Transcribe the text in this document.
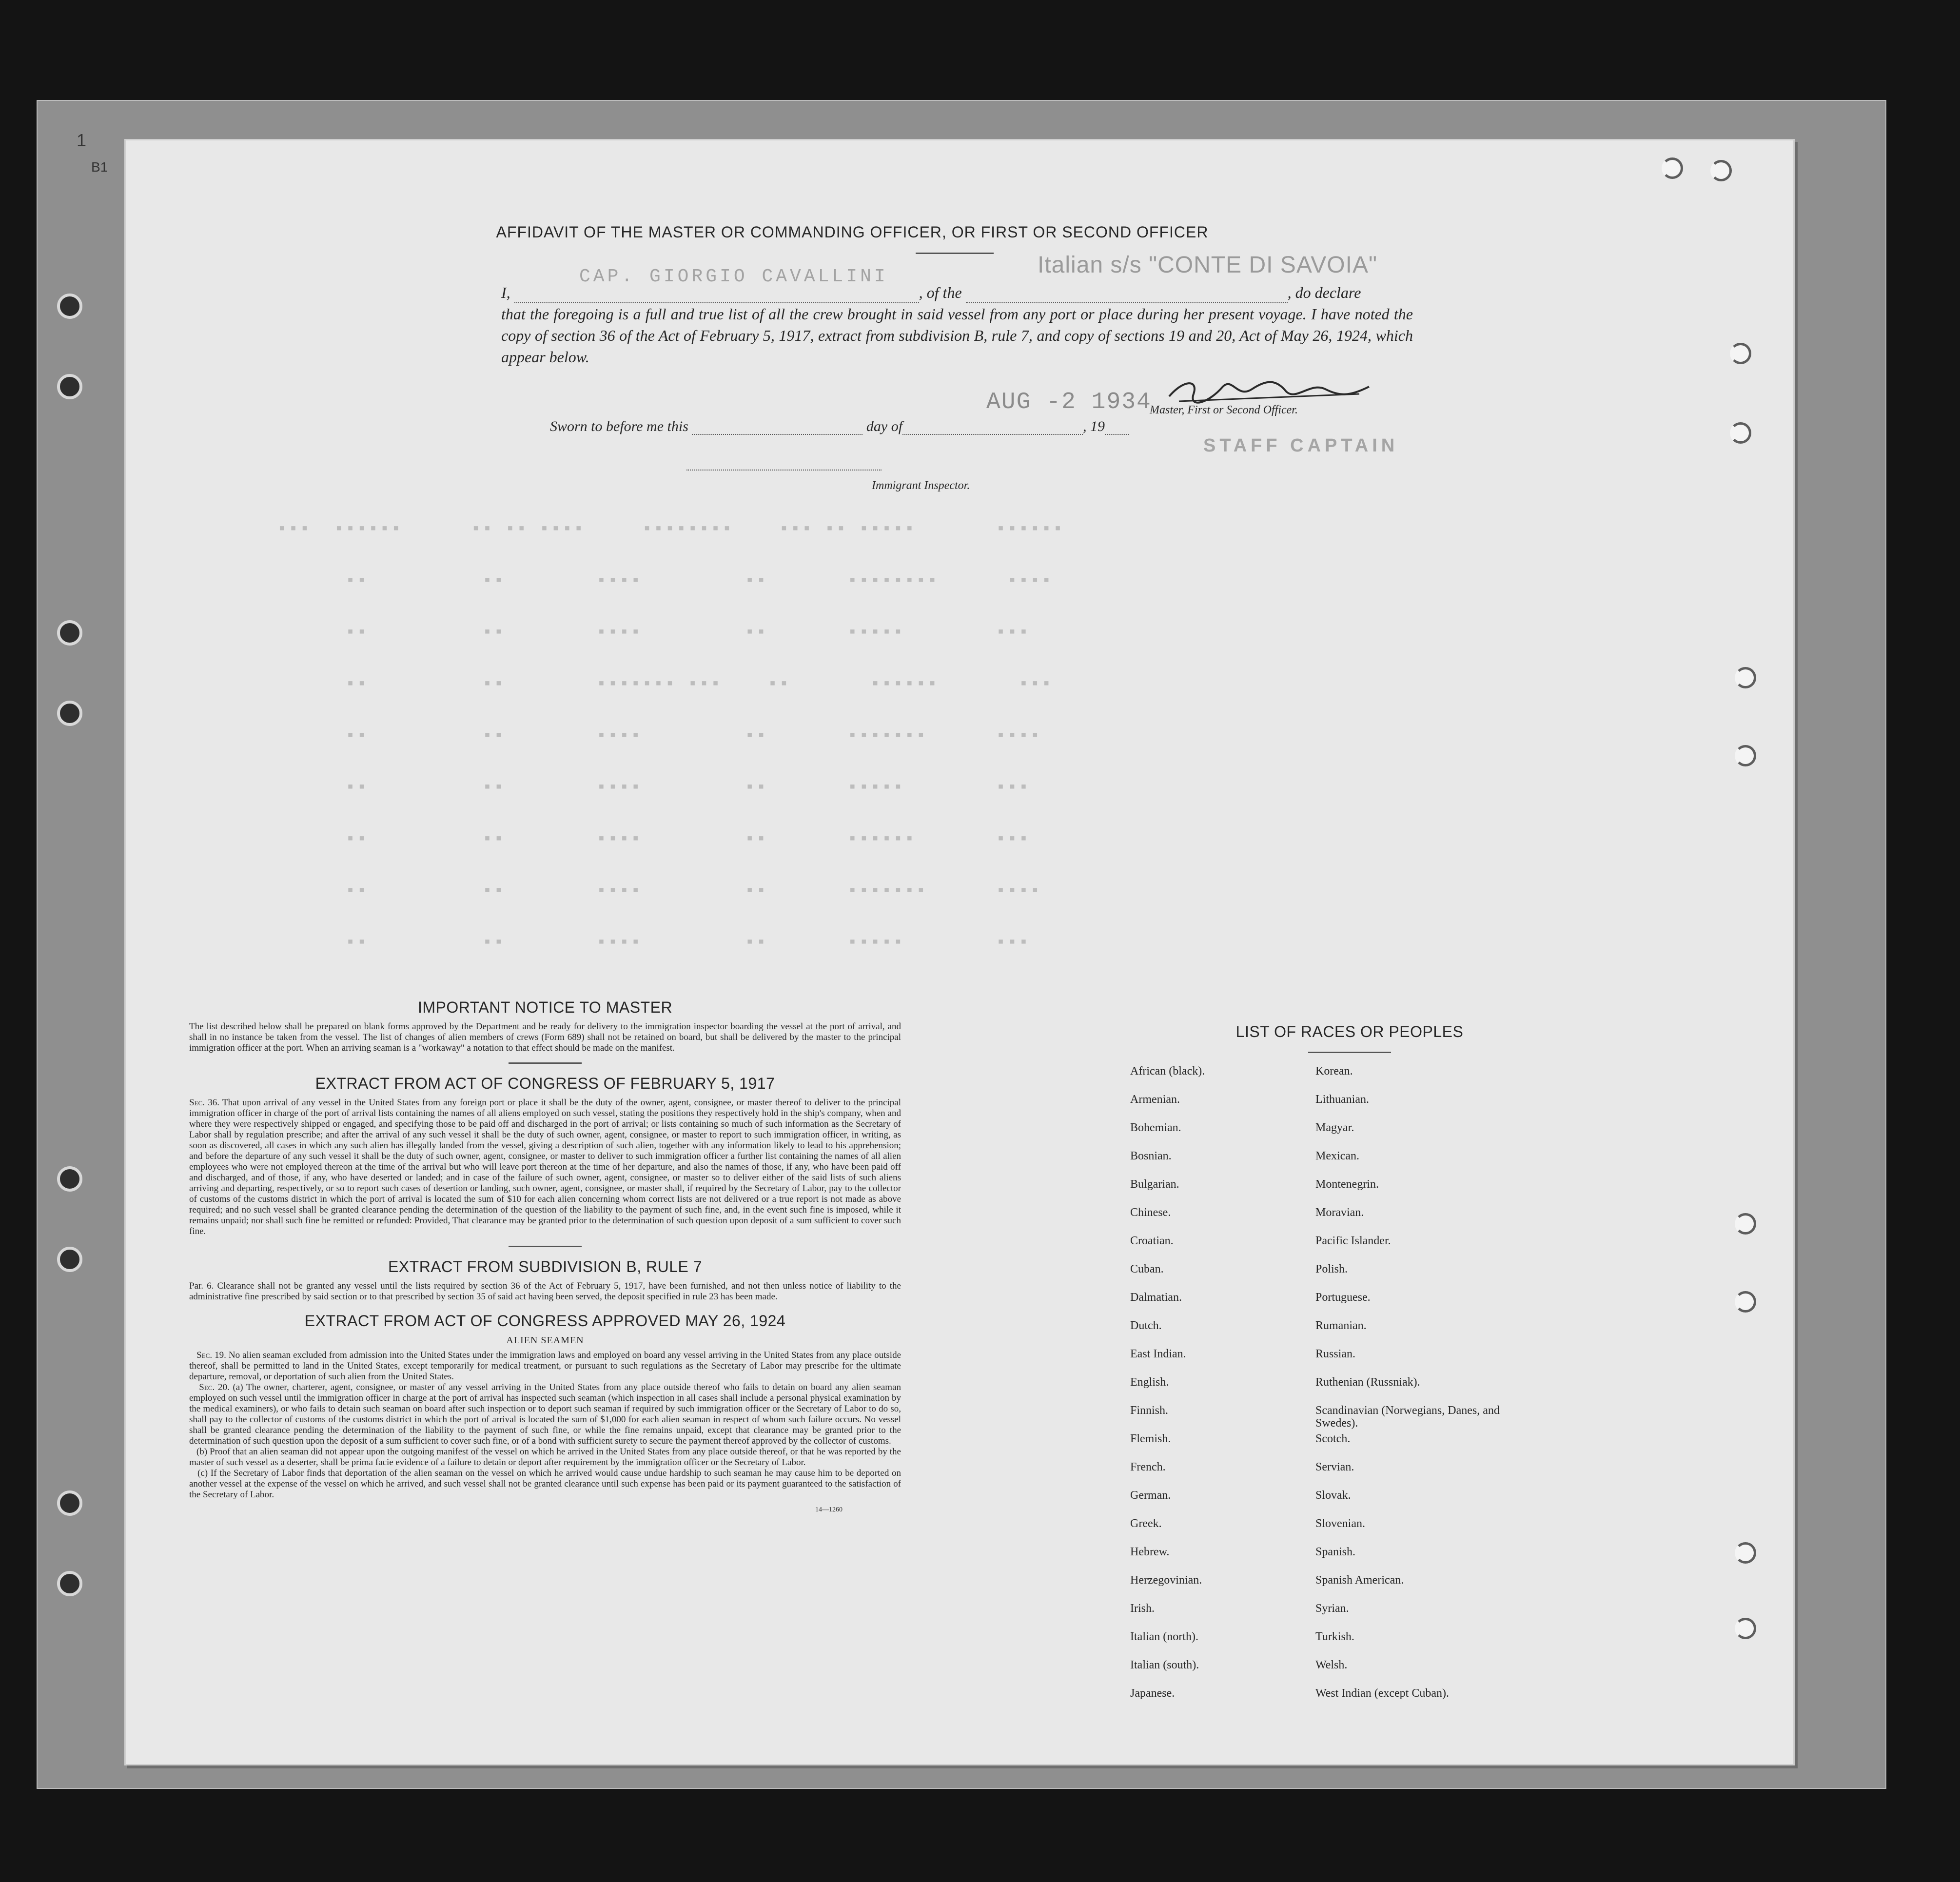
1
B1
▪▪▪  ▪▪▪▪▪▪      ▪▪ ▪▪ ▪▪▪▪     ▪▪▪▪▪▪▪▪    ▪▪▪ ▪▪ ▪▪▪▪▪       ▪▪▪▪▪▪
▪▪          ▪▪        ▪▪▪▪         ▪▪       ▪▪▪▪▪▪▪▪      ▪▪▪▪
▪▪          ▪▪        ▪▪▪▪         ▪▪       ▪▪▪▪▪        ▪▪▪
▪▪          ▪▪        ▪▪▪▪▪▪▪ ▪▪▪    ▪▪       ▪▪▪▪▪▪       ▪▪▪
▪▪          ▪▪        ▪▪▪▪         ▪▪       ▪▪▪▪▪▪▪      ▪▪▪▪
▪▪          ▪▪        ▪▪▪▪         ▪▪       ▪▪▪▪▪        ▪▪▪
▪▪          ▪▪        ▪▪▪▪         ▪▪       ▪▪▪▪▪▪       ▪▪▪
▪▪          ▪▪        ▪▪▪▪         ▪▪       ▪▪▪▪▪▪▪      ▪▪▪▪
▪▪          ▪▪        ▪▪▪▪         ▪▪       ▪▪▪▪▪        ▪▪▪
AFFIDAVIT OF THE MASTER OR COMMANDING OFFICER, OR FIRST OR SECOND OFFICER
Italian s/s "CONTE DI SAVOIA"
CAP. GIORGIO CAVALLINI
I,	, of the	, do declare
that the foregoing is a full and true list of all the crew brought in said vessel from any port or place during her present voyage. I have noted the copy of section 36 of the Act of February 5, 1917, extract from subdivision B, rule 7, and copy of sections 19 and 20, Act of May 26, 1924, which appear below.
AUG -2 1934
Master, First or Second Officer.
Sworn to before me this	day of	, 19
STAFF CAPTAIN
Immigrant Inspector.
IMPORTANT NOTICE TO MASTER

The list described below shall be prepared on blank forms approved by the Department and be ready for delivery to the immigration inspector boarding the vessel at the port of arrival, and shall in no instance be taken from the vessel. The list of changes of alien members of crews (Form 689) shall not be retained on board, but shall be delivered by the master to the principal immigration officer at the port. When an arriving seaman is a "workaway" a notation to that effect should be made on the manifest.

EXTRACT FROM ACT OF CONGRESS OF FEBRUARY 5, 1917

Sec. 36. That upon arrival of any vessel in the United States from any foreign port or place it shall be the duty of the owner, agent, consignee, or master thereof to deliver to the principal immigration officer in charge of the port of arrival lists containing the names of all aliens employed on such vessel, stating the positions they respectively hold in the ship's company, when and where they were respectively shipped or engaged, and specifying those to be paid off and discharged in the port of arrival; or lists containing so much of such information as the Secretary of Labor shall by regulation prescribe; and after the arrival of any such vessel it shall be the duty of such owner, agent, consignee, or master to report to such immigration officer, in writing, as soon as discovered, all cases in which any such alien has illegally landed from the vessel, giving a description of such alien, together with any information likely to lead to his apprehension; and before the departure of any such vessel it shall be the duty of such owner, agent, consignee, or master to deliver to such immigration officer a further list containing the names of all alien employees who were not employed thereon at the time of the arrival but who will leave port thereon at the time of her departure, and also the names of those, if any, who have been paid off and discharged, and of those, if any, who have deserted or landed; and in case of the failure of such owner, agent, consignee, or master so to deliver either of the said lists of such aliens arriving and departing, respectively, or so to report such cases of desertion or landing, such owner, agent, consignee, or master shall, if required by the Secretary of Labor, pay to the collector of customs of the customs district in which the port of arrival is located the sum of $10 for each alien concerning whom correct lists are not delivered or a true report is not made as above required; and no such vessel shall be granted clearance pending the determination of the question of the liability to the payment of such fine, and, in the event such fine is imposed, while it remains unpaid; nor shall such fine be remitted or refunded: Provided, That clearance may be granted prior to the determination of such question upon deposit of a sum sufficient to cover such fine.

EXTRACT FROM SUBDIVISION B, RULE 7

Par. 6. Clearance shall not be granted any vessel until the lists required by section 36 of the Act of February 5, 1917, have been furnished, and not then unless notice of liability to the administrative fine prescribed by said section or to that prescribed by section 35 of said act having been served, the deposit specified in rule 23 has been made.

EXTRACT FROM ACT OF CONGRESS APPROVED MAY 26, 1924
ALIEN SEAMEN

Sec. 19. No alien seaman excluded from admission into the United States under the immigration laws and employed on board any vessel arriving in the United States from any place outside thereof, shall be permitted to land in the United States, except temporarily for medical treatment, or pursuant to such regulations as the Secretary of Labor may prescribe for the ultimate departure, removal, or deportation of such alien from the United States.

Sec. 20. (a) The owner, charterer, agent, consignee, or master of any vessel arriving in the United States from any place outside thereof who fails to detain on board any alien seaman employed on such vessel until the immigration officer in charge at the port of arrival has inspected such seaman (which inspection in all cases shall include a personal physical examination by the medical examiners), or who fails to detain such seaman on board after such inspection or to deport such seaman if required by such immigration officer or the Secretary of Labor to do so, shall pay to the collector of customs of the customs district in which the port of arrival is located the sum of $1,000 for each alien seaman in respect of whom such failure occurs. No vessel shall be granted clearance pending the determination of the liability to the payment of such fine, or while the fine remains unpaid, except that clearance may be granted prior to the determination of such question upon the deposit of a sum sufficient to cover such fine, or of a bond with sufficient surety to secure the payment thereof approved by the collector of customs.

(b) Proof that an alien seaman did not appear upon the outgoing manifest of the vessel on which he arrived in the United States from any place outside thereof, or that he was reported by the master of such vessel as a deserter, shall be prima facie evidence of a failure to detain or deport after requirement by the immigration officer or the Secretary of Labor.

(c) If the Secretary of Labor finds that deportation of the alien seaman on the vessel on which he arrived would cause undue hardship to such seaman he may cause him to be deported on another vessel at the expense of the vessel on which he arrived, and such vessel shall not be granted clearance until such expense has been paid or its payment guaranteed to the satisfaction of the Secretary of Labor.

14—1260
LIST OF RACES OR PEOPLES
African (black).	Korean.
Armenian.	Lithuanian.
Bohemian.	Magyar.
Bosnian.	Mexican.
Bulgarian.	Montenegrin.
Chinese.	Moravian.
Croatian.	Pacific Islander.
Cuban.	Polish.
Dalmatian.	Portuguese.
Dutch.	Rumanian.
East Indian.	Russian.
English.	Ruthenian (Russniak).
Finnish.	Scandinavian (Norwegians, Danes, and Swedes).
Flemish.	Scotch.
French.	Servian.
German.	Slovak.
Greek.	Slovenian.
Hebrew.	Spanish.
Herzegovinian.	Spanish American.
Irish.	Syrian.
Italian (north).	Turkish.
Italian (south).	Welsh.
Japanese.	West Indian (except Cuban).
